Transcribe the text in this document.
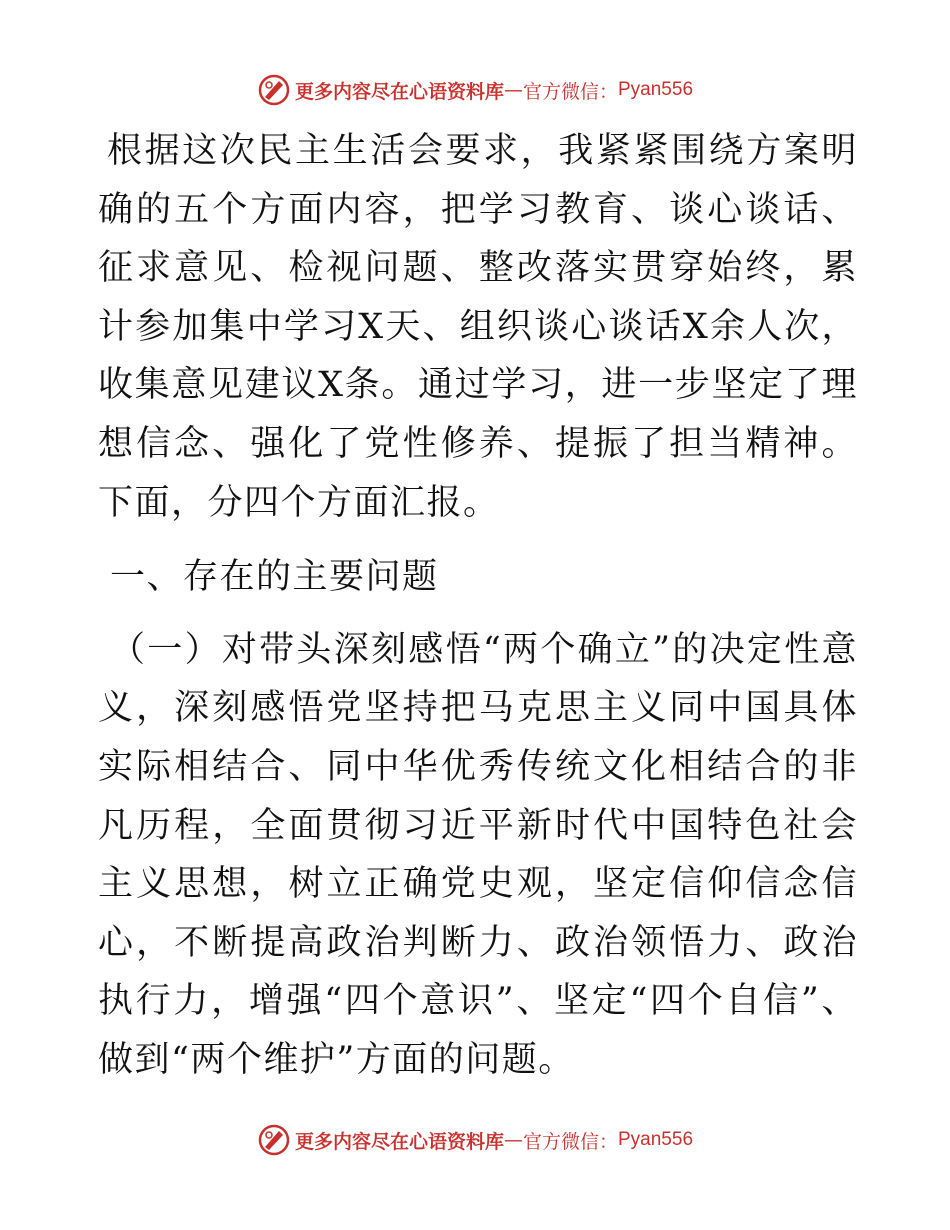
更多内容尽在心语资料库 — 官方微信： Pyan556

根据这次民主生活会要求，我紧紧围绕方案明确的五个方面内容，把学习教育、谈心谈话、征求意见、检视问题、整改落实贯穿始终，累计参加集中学习X天、组织谈心谈话X余人次，收集意见建议X条。通过学习，进一步坚定了理想信念、强化了党性修养、提振了担当精神。下面，分四个方面汇报。

一、存在的主要问题

（一）对带头深刻感悟“两个确立”的决定性意义，深刻感悟党坚持把马克思主义同中国具体实际相结合、同中华优秀传统文化相结合的非凡历程，全面贯彻习近平新时代中国特色社会主义思想，树立正确党史观，坚定信仰信念信心，不断提高政治判断力、政治领悟力、政治执行力，增强“四个意识”、坚定“四个自信”、做到“两个维护”方面的问题。

更多内容尽在心语资料库 — 官方微信： Pyan556
